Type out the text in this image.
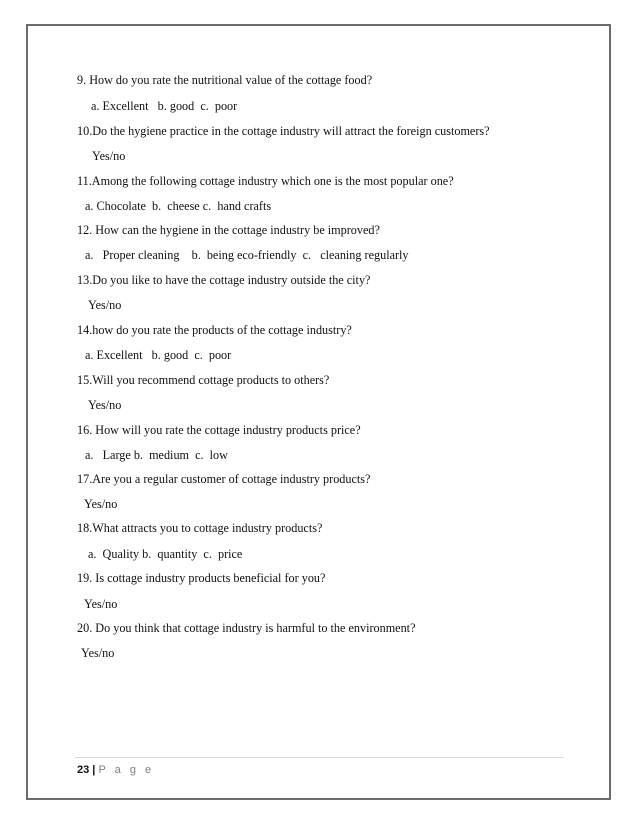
9. How do you rate the nutritional value of the cottage food?
a. Excellent   b. good  c.  poor
10.Do the hygiene practice in the cottage industry will attract the foreign customers?
Yes/no
11.Among the following cottage industry which one is the most popular one?
a. Chocolate  b.  cheese c.  hand crafts
12. How can the hygiene in the cottage industry be improved?
a.   Proper cleaning    b.  being eco-friendly  c.   cleaning regularly
13.Do you like to have the cottage industry outside the city?
Yes/no
14.how do you rate the products of the cottage industry?
a. Excellent   b. good  c.  poor
15.Will you recommend cottage products to others?
Yes/no
16. How will you rate the cottage industry products price?
a.   Large b.  medium  c.  low
17.Are you a regular customer of cottage industry products?
Yes/no
18.What attracts you to cottage industry products?
a.  Quality b.  quantity  c.  price
19. Is cottage industry products beneficial for you?
Yes/no
20. Do you think that cottage industry is harmful to the environment?
Yes/no
23 | P a g e
